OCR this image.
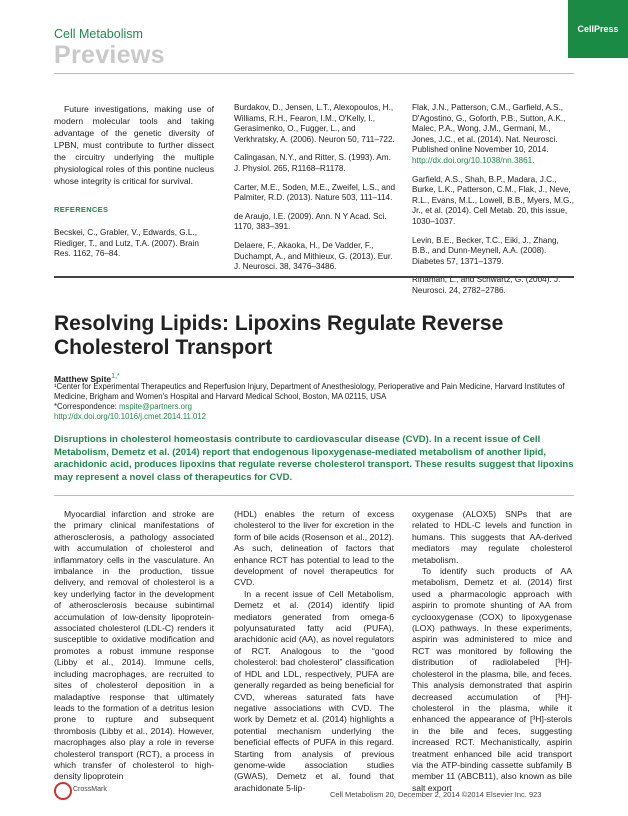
Cell Metabolism
Previews
CellPress

Future investigations, making use of modern molecular tools and taking advantage of the genetic diversity of LPBN, must contribute to further dissect the circuitry underlying the multiple physiological roles of this pontine nucleus whose integrity is critical for survival.

REFERENCES

Becskei, C., Grabler, V., Edwards, G.L., Riediger, T., and Lutz, T.A. (2007). Brain Res. 1162, 76–84.

Burdakov, D., Jensen, L.T., Alexopoulos, H., Williams, R.H., Fearon, I.M., O'Kelly, I., Gerasimenko, O., Fugger, L., and Verkhratsky, A. (2006). Neuron 50, 711–722.

Calingasan, N.Y., and Ritter, S. (1993). Am. J. Physiol. 265, R1168–R1178.

Carter, M.E., Soden, M.E., Zweifel, L.S., and Palmiter, R.D. (2013). Nature 503, 111–114.

de Araujo, I.E. (2009). Ann. N Y Acad. Sci. 1170, 383–391.

Delaere, F., Akaoka, H., De Vadder, F., Duchampt, A., and Mithieux, G. (2013). Eur. J. Neurosci. 38, 3476–3486.

Flak, J.N., Patterson, C.M., Garfield, A.S., D'Agostino, G., Goforth, P.B., Sutton, A.K., Malec, P.A., Wong, J.M., Germani, M., Jones, J.C., et al. (2014). Nat. Neurosci. Published online November 10, 2014. http://dx.doi.org/10.1038/nn.3861.

Garfield, A.S., Shah, B.P., Madara, J.C., Burke, L.K., Patterson, C.M., Flak, J., Neve, R.L., Evans, M.L., Lowell, B.B., Myers, M.G., Jr., et al. (2014). Cell Metab. 20, this issue, 1030–1037.

Levin, B.E., Becker, T.C., Eiki, J., Zhang, B.B., and Dunn-Meynell, A.A. (2008). Diabetes 57, 1371–1379.

Rinaman, L., and Schwartz, G. (2004). J. Neurosci. 24, 2782–2786.

Resolving Lipids: Lipoxins Regulate Reverse Cholesterol Transport
Matthew Spite$^{1,*}$
¹Center for Experimental Therapeutics and Reperfusion Injury, Department of Anesthesiology, Perioperative and Pain Medicine, Harvard Institutes of Medicine, Brigham and Women's Hospital and Harvard Medical School, Boston, MA 02115, USA
*Correspondence: mspite@partners.org
http://dx.doi.org/10.1016/j.cmet.2014.11.012
Disruptions in cholesterol homeostasis contribute to cardiovascular disease (CVD). In a recent issue of Cell Metabolism, Demetz et al. (2014) report that endogenous lipoxygenase-mediated metabolism of another lipid, arachidonic acid, produces lipoxins that regulate reverse cholesterol transport. These results suggest that lipoxins may represent a novel class of therapeutics for CVD.

Myocardial infarction and stroke are the primary clinical manifestations of atherosclerosis, a pathology associated with accumulation of cholesterol and inflammatory cells in the vasculature. An imbalance in the production, tissue delivery, and removal of cholesterol is a key underlying factor in the development of atherosclerosis because subintimal accumulation of low-density lipoprotein-associated cholesterol (LDL-C) renders it susceptible to oxidative modification and promotes a robust immune response (Libby et al., 2014). Immune cells, including macrophages, are recruited to sites of cholesterol deposition in a maladaptive response that ultimately leads to the formation of a detritus lesion prone to rupture and subsequent thrombosis (Libby et al., 2014). However, macrophages also play a role in reverse cholesterol transport (RCT), a process in which transfer of cholesterol to high-density lipoprotein

(HDL) enables the return of excess cholesterol to the liver for excretion in the form of bile acids (Rosenson et al., 2012). As such, delineation of factors that enhance RCT has potential to lead to the development of novel therapeutics for CVD.

In a recent issue of Cell Metabolism, Demetz et al. (2014) identify lipid mediators generated from omega-6 polyunsaturated fatty acid (PUFA), arachidonic acid (AA), as novel regulators of RCT. Analogous to the “good cholesterol: bad cholesterol” classification of HDL and LDL, respectively, PUFA are generally regarded as being beneficial for CVD, whereas saturated fats have negative associations with CVD. The work by Demetz et al. (2014) highlights a potential mechanism underlying the beneficial effects of PUFA in this regard. Starting from analysis of previous genome-wide association studies (GWAS), Demetz et al. found that arachidonate 5-lip-

oxygenase (ALOX5) SNPs that are related to HDL-C levels and function in humans. This suggests that AA-derived mediators may regulate cholesterol metabolism.

To identify such products of AA metabolism, Demetz et al. (2014) first used a pharmacologic approach with aspirin to promote shunting of AA from cyclooxygenase (COX) to lipoxygenase (LOX) pathways. In these experiments, aspirin was administered to mice and RCT was monitored by following the distribution of radiolabeled [³H]-cholesterol in the plasma, bile, and feces. This analysis demonstrated that aspirin decreased accumulation of [³H]-cholesterol in the plasma, while it enhanced the appearance of [³H]-sterols in the bile and feces, suggesting increased RCT. Mechanistically, aspirin treatment enhanced bile acid transport via the ATP-binding cassette subfamily B member 11 (ABCB11), also known as bile salt export

CrossMark
Cell Metabolism 20, December 2, 2014 ©2014 Elsevier Inc. 923
